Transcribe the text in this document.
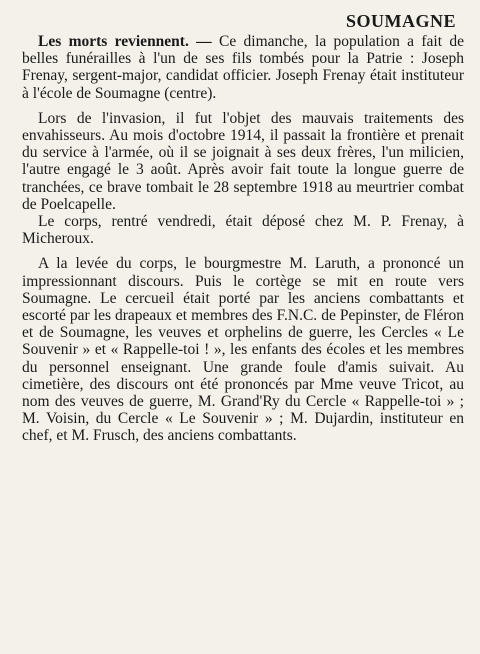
SOUMAGNE

Les morts reviennent. — Ce dimanche, la population a fait de belles funérailles à l'un de ses fils tombés pour la Patrie : Joseph Frenay, sergent-major, candidat officier. Joseph Frenay était instituteur à l'école de Soumagne (centre).

Lors de l'invasion, il fut l'objet des mauvais traitements des envahisseurs. Au mois d'octobre 1914, il passait la frontière et prenait du service à l'armée, où il se joignait à ses deux frères, l'un milicien, l'autre engagé le 3 août. Après avoir fait toute la longue guerre de tranchées, ce brave tombait le 28 septembre 1918 au meurtrier combat de Poelcapelle.

Le corps, rentré vendredi, était déposé chez M. P. Frenay, à Micheroux.

A la levée du corps, le bourgmestre M. Laruth, a prononcé un impressionnant discours. Puis le cortège se mit en route vers Soumagne. Le cercueil était porté par les anciens combattants et escorté par les drapeaux et membres des F.N.C. de Pepinster, de Fléron et de Soumagne, les veuves et orphelins de guerre, les Cercles « Le Souvenir » et « Rappelle-toi ! », les enfants des écoles et les membres du personnel enseignant. Une grande foule d'amis suivait. Au cimetière, des discours ont été prononcés par Mme veuve Tricot, au nom des veuves de guerre, M. Grand'Ry du Cercle « Rappelle-toi » ; M. Voisin, du Cercle « Le Souvenir » ; M. Dujardin, instituteur en chef, et M. Frusch, des anciens combattants.
